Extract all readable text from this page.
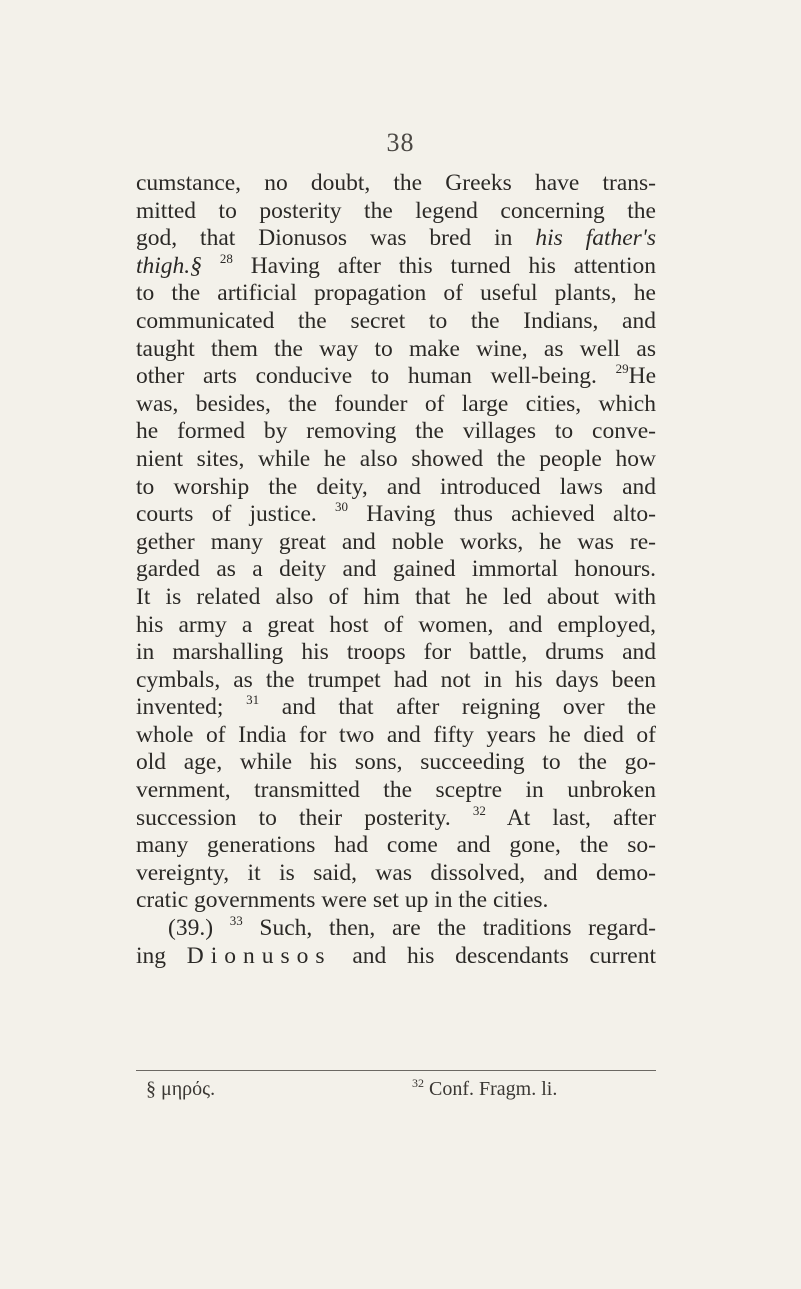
38
cumstance, no doubt, the Greeks have trans-
mitted to posterity the legend concerning the
god, that Dionusos was bred in his father's
thigh.§ $^{28}$ Having after this turned his attention
to the artificial propagation of useful plants, he
communicated the secret to the Indians, and
taught them the way to make wine, as well as
other arts conducive to human well-being. $^{29}$He
was, besides, the founder of large cities, which
he formed by removing the villages to conve-
nient sites, while he also showed the people how
to worship the deity, and introduced laws and
courts of justice. $^{30}$ Having thus achieved alto-
gether many great and noble works, he was re-
garded as a deity and gained immortal honours.
It is related also of him that he led about with
his army a great host of women, and employed,
in marshalling his troops for battle, drums and
cymbals, as the trumpet had not in his days been
invented; $^{31}$ and that after reigning over the
whole of India for two and fifty years he died of
old age, while his sons, succeeding to the go-
vernment, transmitted the sceptre in unbroken
succession to their posterity. $^{32}$ At last, after
many generations had come and gone, the so-
vereignty, it is said, was dissolved, and demo-
cratic governments were set up in the cities.
(39.) $^{33}$ Such, then, are the traditions regard-
ing Dionusos and his descendants current
§ μηρός.	$^{32}$ Conf. Fragm. li.
